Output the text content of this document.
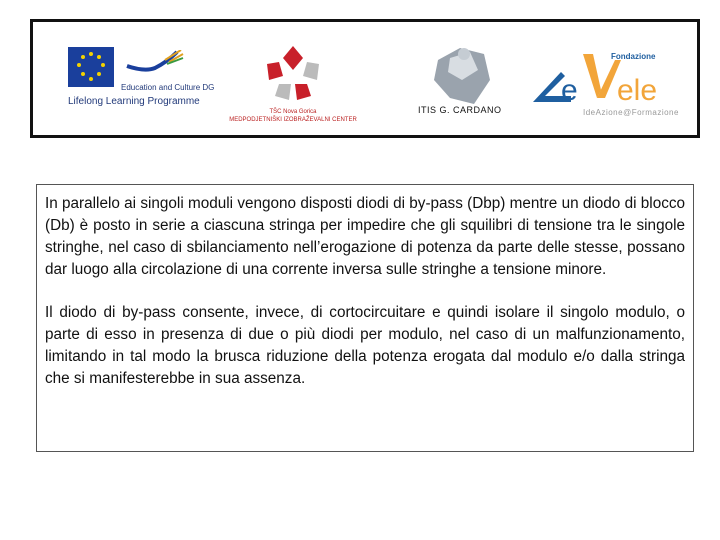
Education and Culture DG
Lifelong Learning Programme
TŠC Nova Gorica
MEDPODJETNIŠKI IZOBRAŽEVALNI CENTER
ITIS G. CARDANO
e ele
Fondazione
IdeAzione@Formazione

In parallelo ai singoli moduli vengono disposti diodi di by-pass (Dbp) mentre un diodo di blocco (Db) è posto in serie a ciascuna stringa per impedire che gli squilibri di tensione tra le singole stringhe, nel caso di sbilanciamento nell’erogazione di potenza da parte delle stesse, possano dar luogo alla circolazione di una corrente inversa sulle stringhe a tensione minore.

Il diodo di by-pass consente, invece, di cortocircuitare e quindi isolare il singolo modulo, o parte di esso in presenza di due o più diodi per modulo, nel caso di un malfunzionamento, limitando in tal modo la brusca riduzione della potenza erogata dal modulo e/o dalla stringa che si manifesterebbe in sua assenza.
